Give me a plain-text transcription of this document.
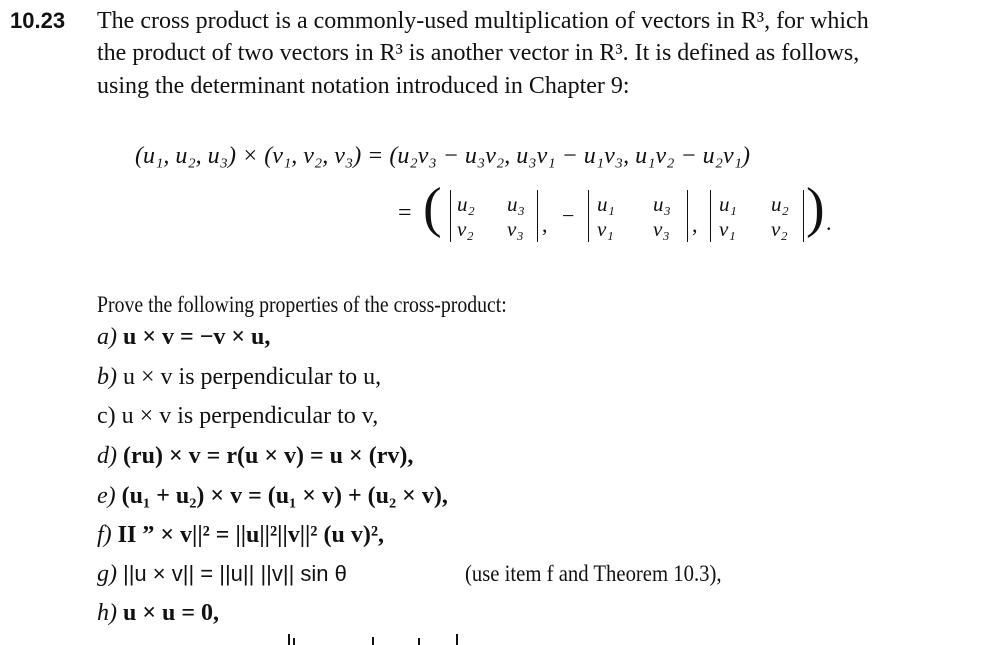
10.23 The cross product is a commonly-used multiplication of vectors in R³, for which
the product of two vectors in R³ is another vector in R³. It is defined as follows,
using the determinant notation introduced in Chapter 9:
(u₁, u₂, u₃) × (v₁, v₂, v₃) = (u₂v₃ − u₃v₂, u₃v₁ − u₁v₃, u₁v₂ − u₂v₁)
= ( u₂ u₃
v₂ v₃ , − u₁ u₃
v₁ v₃ ,
u₁ u₂
v₁ v₂ ) .
Prove the following properties of the cross-product:
a) u × v = −v × u,
b) u × v is perpendicular to u,
c) u × v is perpendicular to v,
d) (ru) × v = r(u × v) = u × (rv),
e) (u₁ + u₂) × v = (u₁ × v) + (u₂ × v),
f) II ” × v||² = ||u||²||v||² (u v)²,
g) ||u × v|| = ||u|| ||v|| sin θ	(use item f and Theorem 10.3),
h) u × u = 0,
